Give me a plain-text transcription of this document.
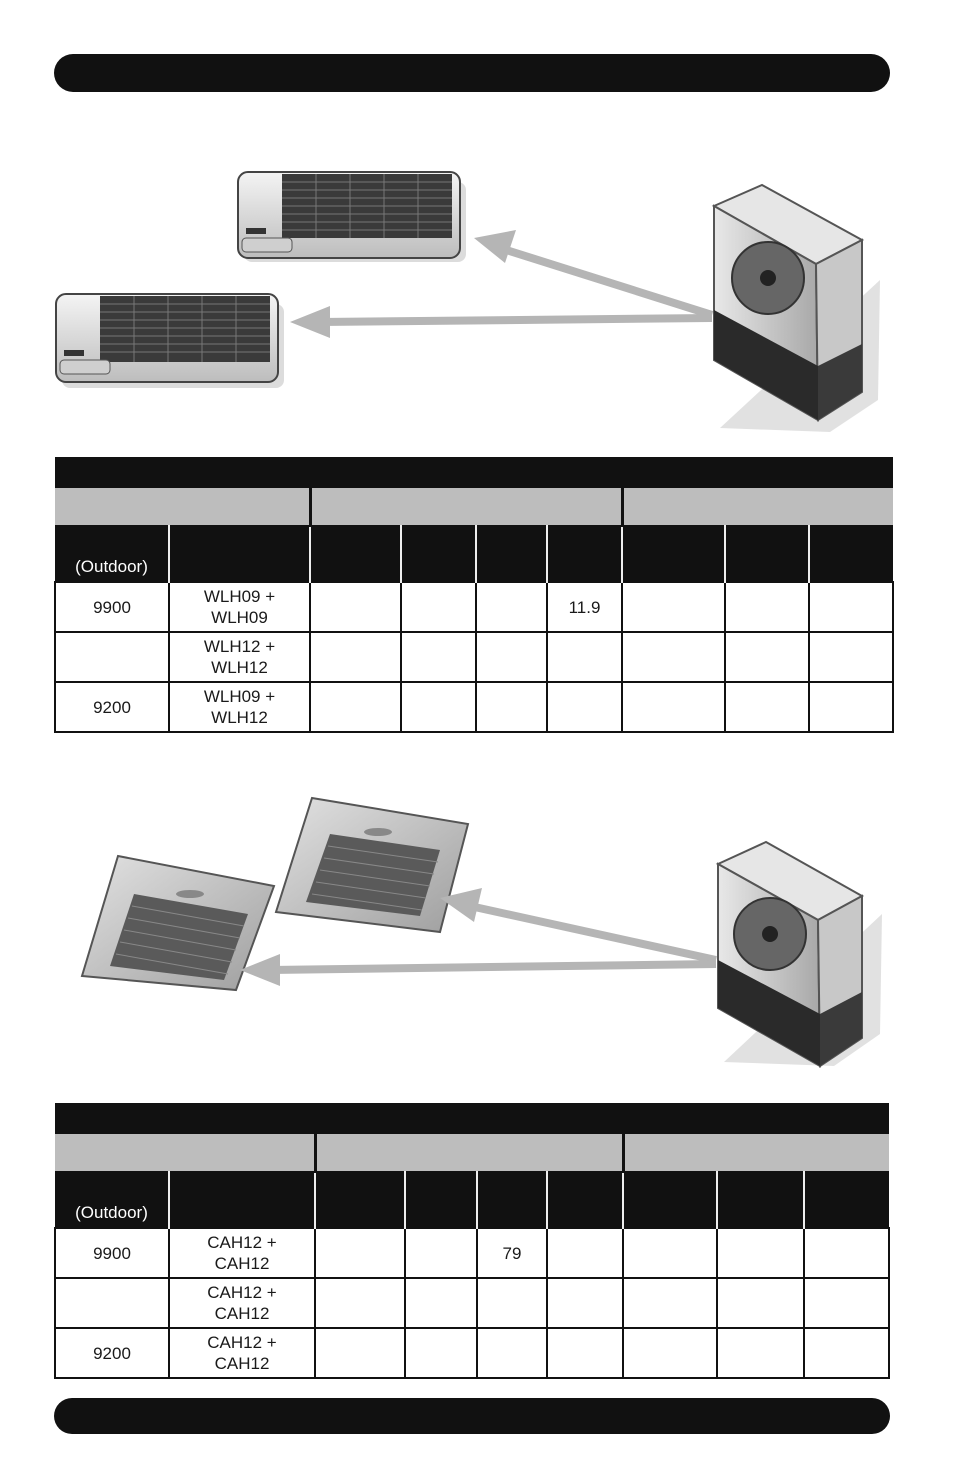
(Outdoor)								
9900	WLH09 +
WLH09				11.9			

	WLH12 +
WLH12							

9200	WLH09 +
WLH12							

(Outdoor)								
9900	CAH12 +
CAH12			79				

	CAH12 +
CAH12							

9200	CAH12 +
CAH12							
